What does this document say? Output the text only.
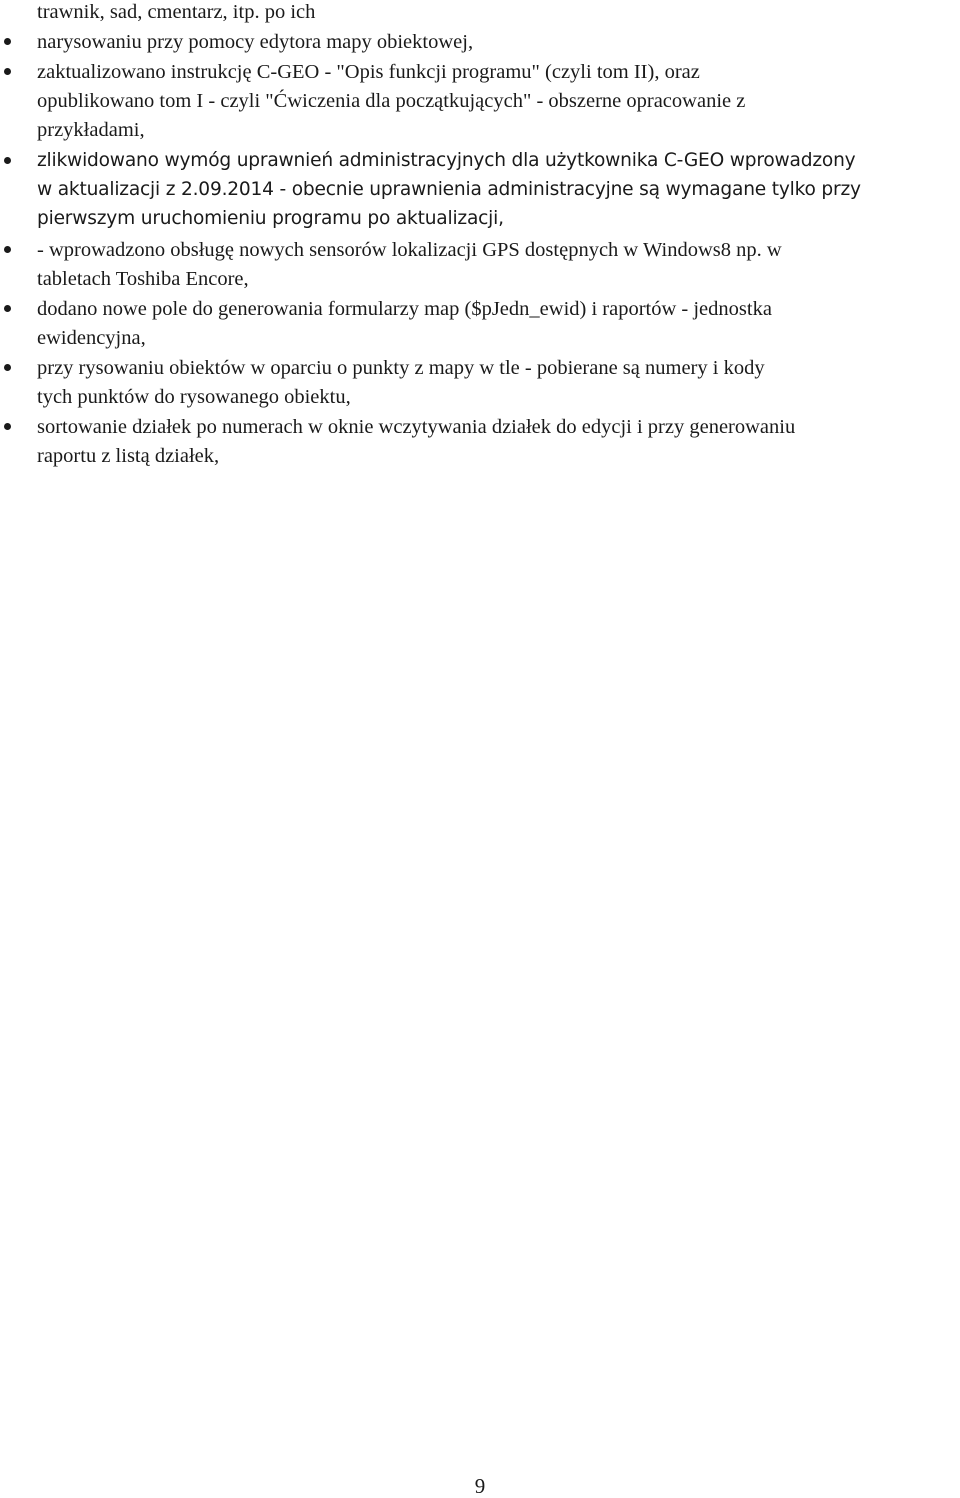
trawnik, sad, cmentarz, itp. po ich
narysowaniu przy pomocy edytora mapy obiektowej,
zaktualizowano instrukcję C-GEO - "Opis funkcji programu" (czyli tom II), oraz
opublikowano tom I - czyli "Ćwiczenia dla początkujących" - obszerne opracowanie z
przykładami,
zlikwidowano wymóg uprawnień administracyjnych dla użytkownika C-GEO wprowadzony
w aktualizacji z 2.09.2014 - obecnie uprawnienia administracyjne są wymagane tylko przy
pierwszym uruchomieniu programu po aktualizacji,
- wprowadzono obsługę nowych sensorów lokalizacji GPS dostępnych w Windows8 np. w
tabletach Toshiba Encore,
dodano nowe pole do generowania formularzy map ($pJedn_ewid) i raportów - jednostka
ewidencyjna,
przy rysowaniu obiektów w oparciu o punkty z mapy w tle - pobierane są numery i kody
tych punktów do rysowanego obiektu,
sortowanie działek po numerach w oknie wczytywania działek do edycji i przy generowaniu
raportu z listą działek,
9
